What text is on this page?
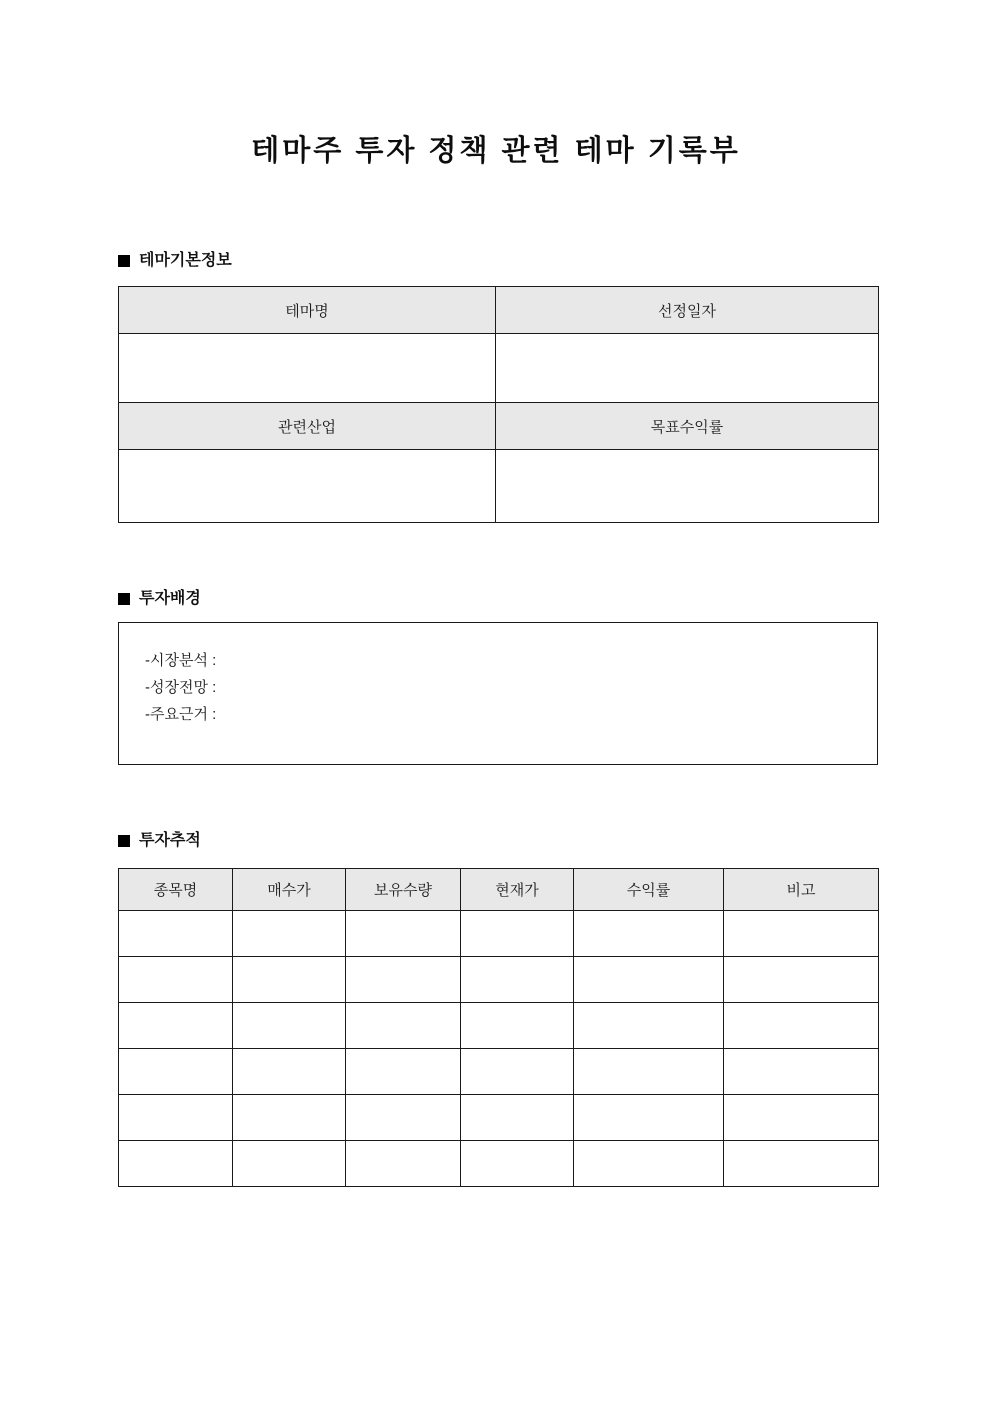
테마주 투자 정책 관련 테마 기록부
테마기본정보
테마명	선정일자

관련산업	목표수익률

투자배경
-시장분석 :
-성장전망 :
-주요근거 :
투자추적
종목명	매수가	보유수량	현재가	수익률	비고
